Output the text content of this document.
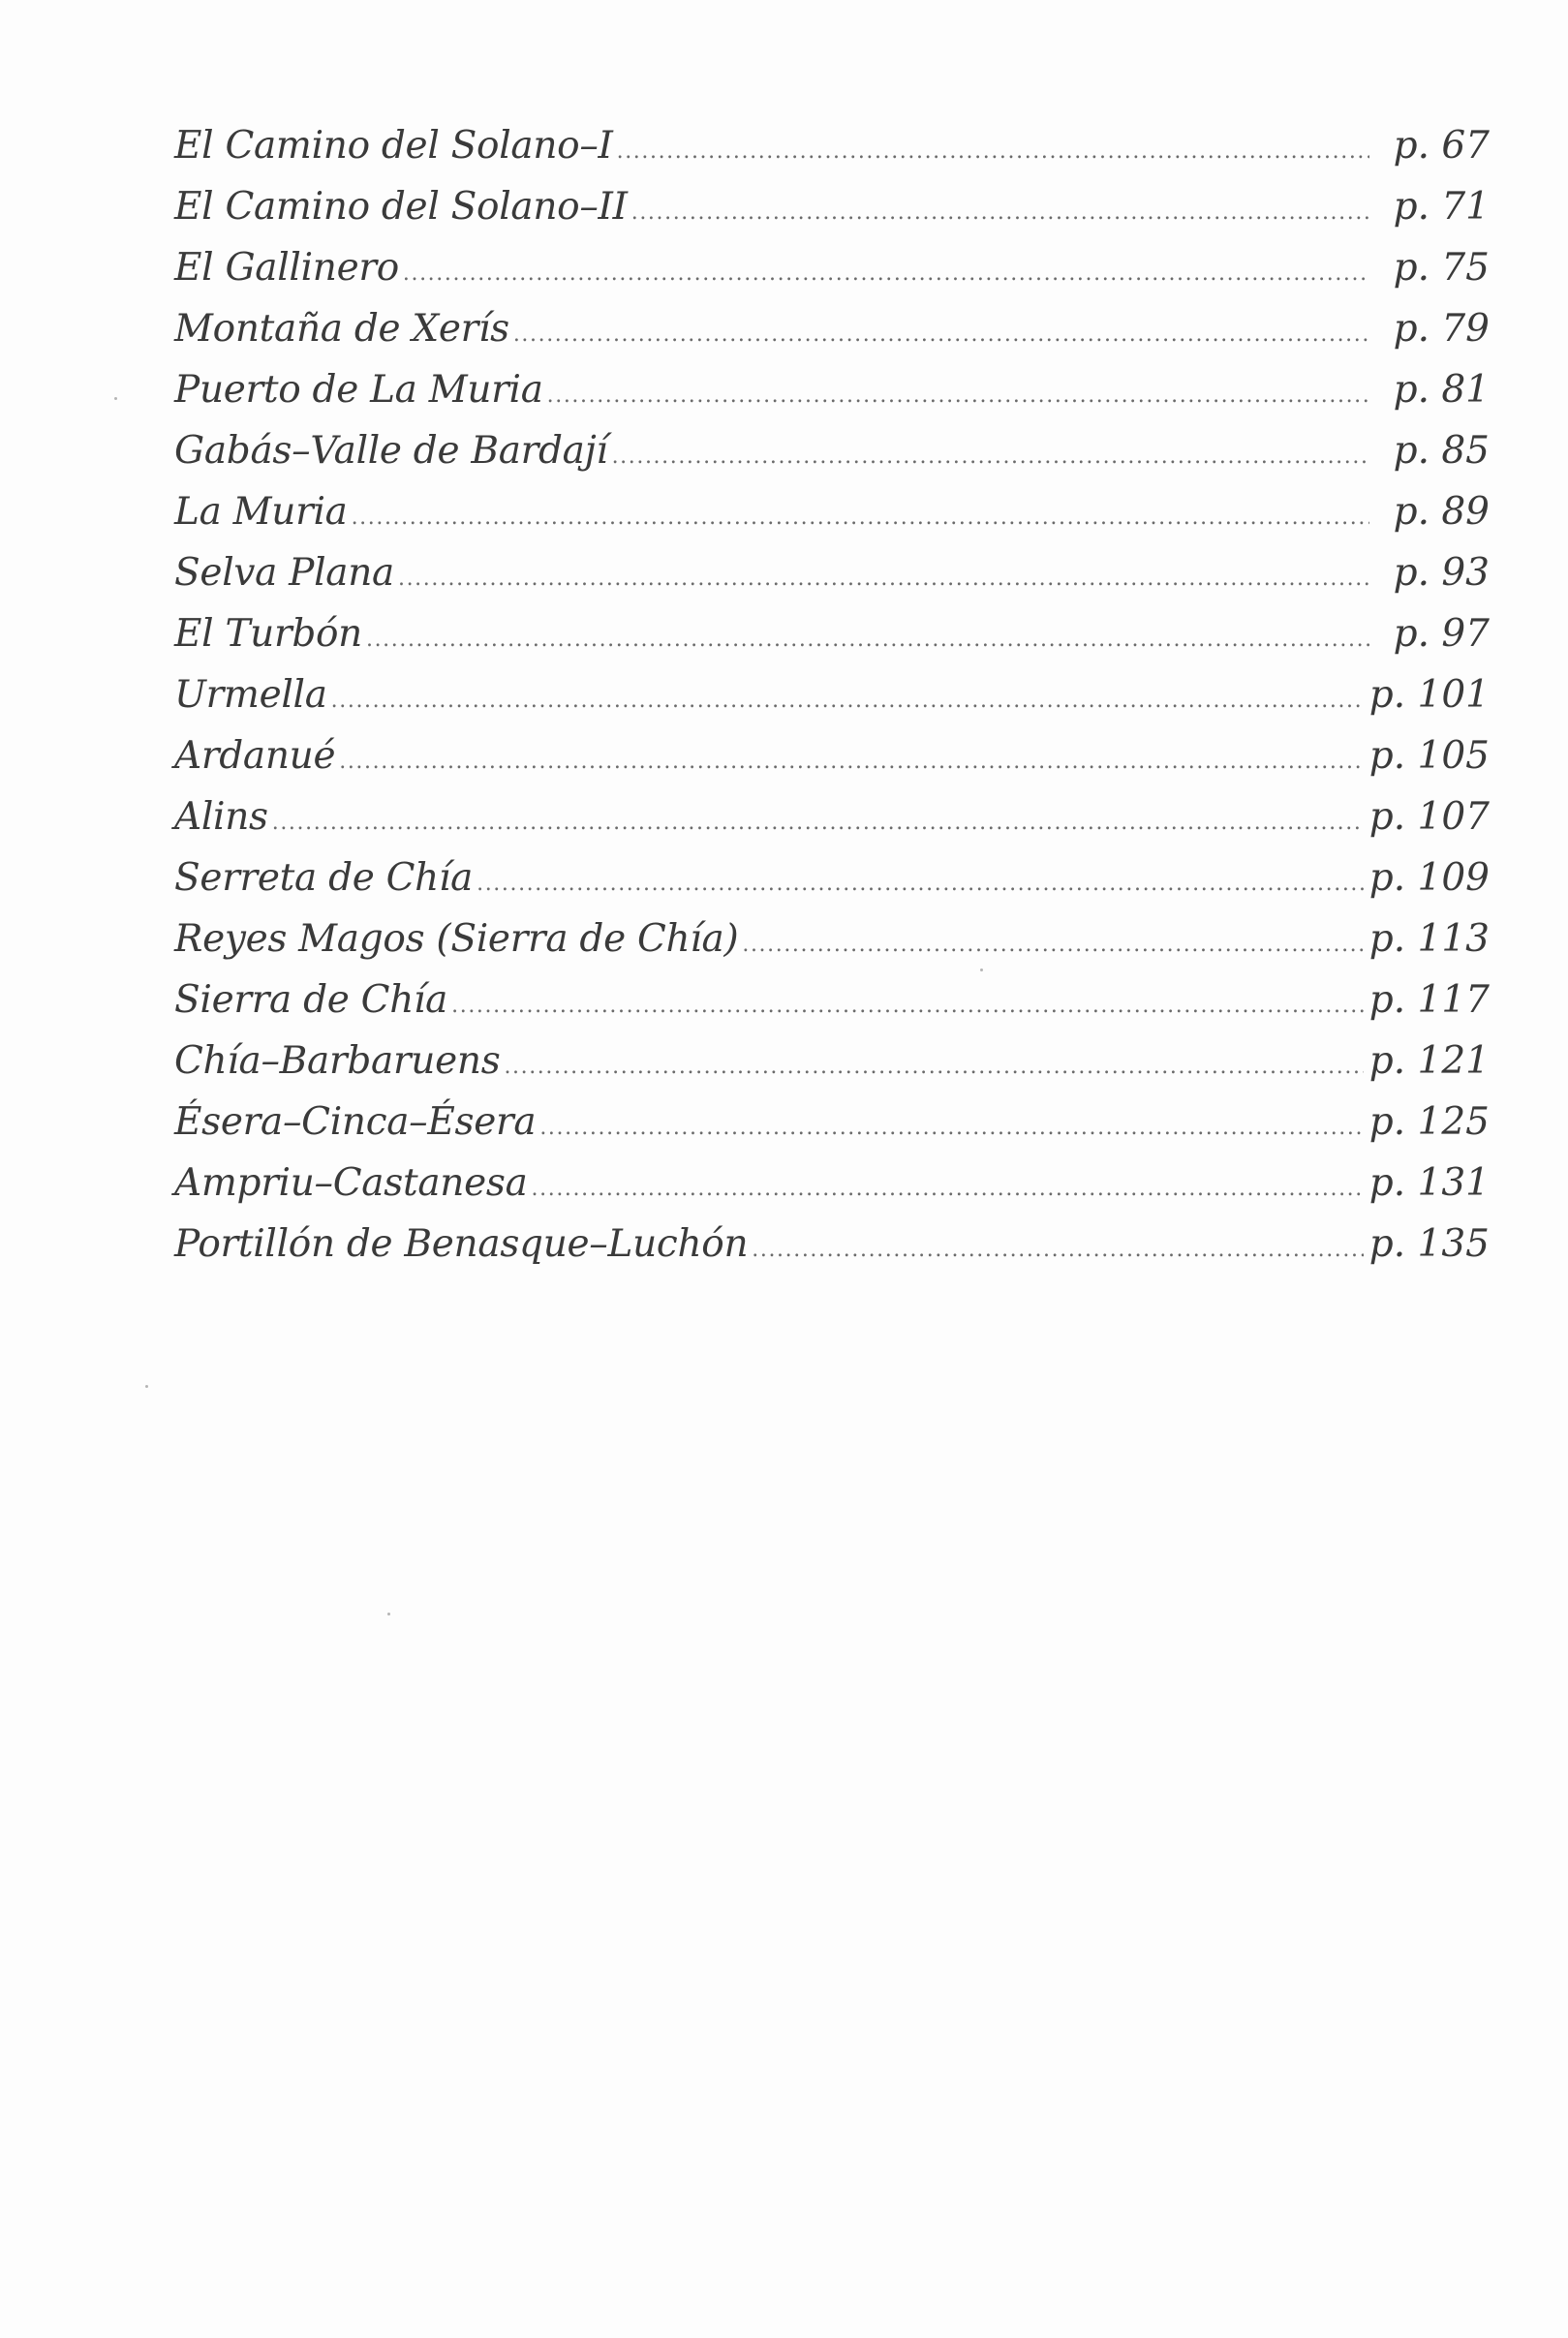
El Camino del Solano–I .....	p. 67
El Camino del Solano–II .....	p. 71
El Gallinero .....	p. 75
Montaña de Xerís .....	p. 79
Puerto de La Muria .....	p. 81
Gabás–Valle de Bardají .....	p. 85
La Muria .....	p. 89
Selva Plana .....	p. 93
El Turbón .....	p. 97
Urmella .....	p. 101
Ardanué .....	p. 105
Alins .....	p. 107
Serreta de Chía .....	p. 109
Reyes Magos (Sierra de Chía) .....	p. 113
Sierra de Chía .....	p. 117
Chía–Barbaruens .....	p. 121
Ésera–Cinca–Ésera .....	p. 125
Ampriu–Castanesa .....	p. 131
Portillón de Benasque–Luchón .....	p. 135
